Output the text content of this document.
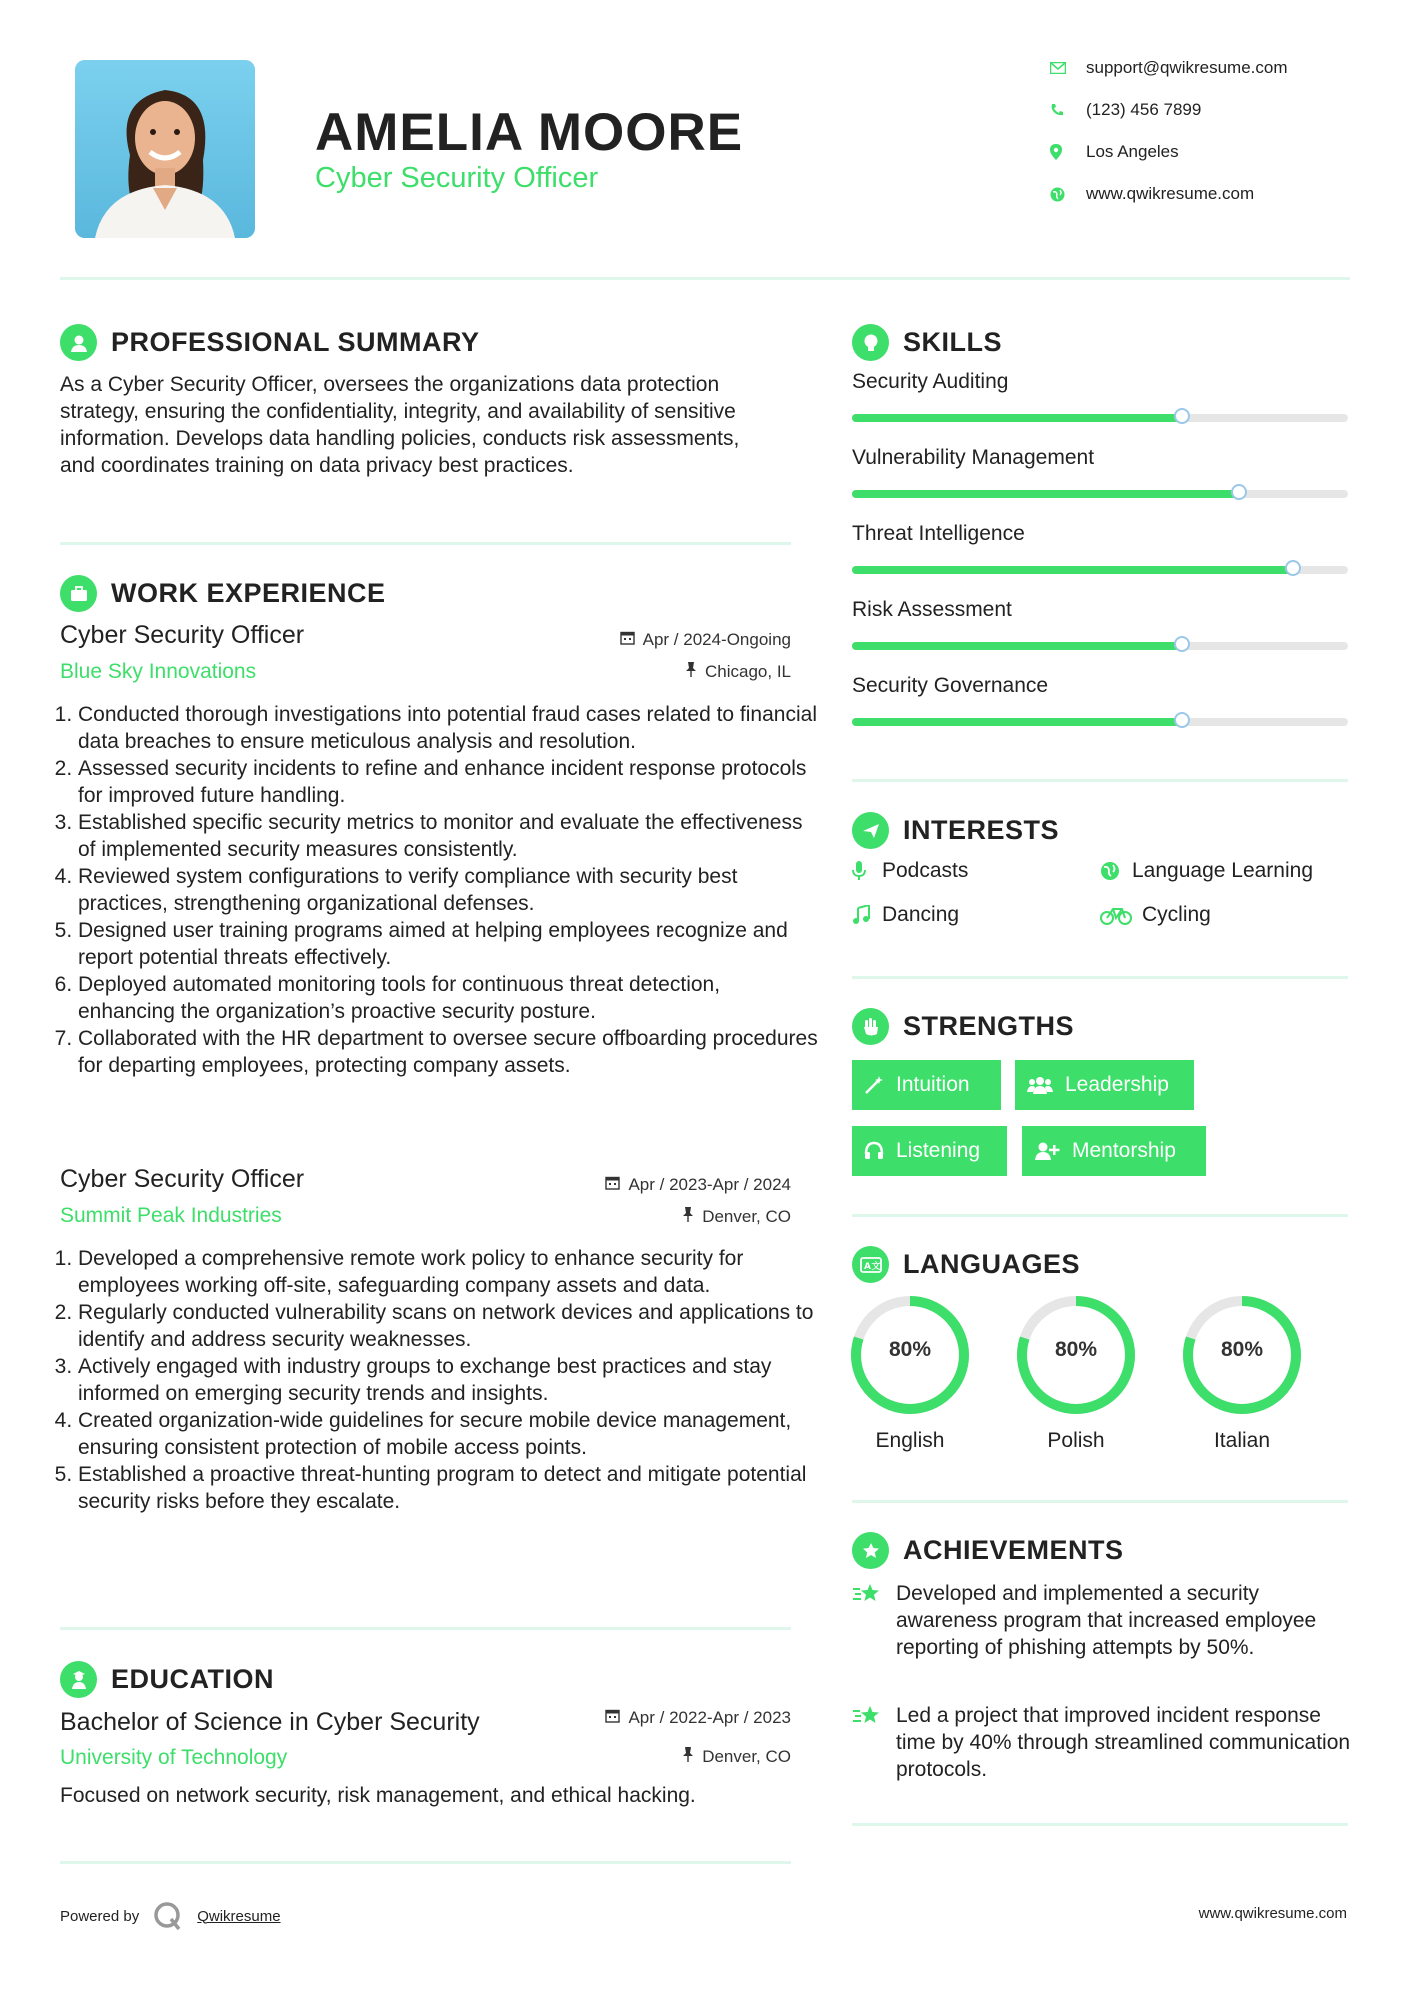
AMELIA MOORE
Cyber Security Officer
support@qwikresume.com
(123) 456 7899
Los Angeles
www.qwikresume.com
PROFESSIONAL SUMMARY
As a Cyber Security Officer, oversees the organizations data protection strategy, ensuring the confidentiality, integrity, and availability of sensitive information. Develops data handling policies, conducts risk assessments, and coordinates training on data privacy best practices.
WORK EXPERIENCE
Cyber Security Officer
Blue Sky Innovations
Apr / 2024-Ongoing
Chicago, IL
1. Conducted thorough investigations into potential fraud cases related to financial data breaches to ensure meticulous analysis and resolution.
2. Assessed security incidents to refine and enhance incident response protocols for improved future handling.
3. Established specific security metrics to monitor and evaluate the effectiveness of implemented security measures consistently.
4. Reviewed system configurations to verify compliance with security best practices, strengthening organizational defenses.
5. Designed user training programs aimed at helping employees recognize and report potential threats effectively.
6. Deployed automated monitoring tools for continuous threat detection, enhancing the organization’s proactive security posture.
7. Collaborated with the HR department to oversee secure offboarding procedures for departing employees, protecting company assets.
Cyber Security Officer
Summit Peak Industries
Apr / 2023-Apr / 2024
Denver, CO
1. Developed a comprehensive remote work policy to enhance security for employees working off-site, safeguarding company assets and data.
2. Regularly conducted vulnerability scans on network devices and applications to identify and address security weaknesses.
3. Actively engaged with industry groups to exchange best practices and stay informed on emerging security trends and insights.
4. Created organization-wide guidelines for secure mobile device management, ensuring consistent protection of mobile access points.
5. Established a proactive threat-hunting program to detect and mitigate potential security risks before they escalate.
EDUCATION
Bachelor of Science in Cyber Security
University of Technology
Apr / 2022-Apr / 2023
Denver, CO
Focused on network security, risk management, and ethical hacking.
SKILLS
Security Auditing
Vulnerability Management
Threat Intelligence
Risk Assessment
Security Governance
INTERESTS
Podcasts	Language Learning
Dancing	Cycling
STRENGTHS
Intuition	Leadership
Listening	Mentorship
A文 LANGUAGES
80%
English
80%
Polish
80%
Italian
ACHIEVEMENTS
Developed and implemented a security awareness program that increased employee reporting of phishing attempts by 50%.
Led a project that improved incident response time by 40% through streamlined communication protocols.
Powered by	Qwikresume	www.qwikresume.com
